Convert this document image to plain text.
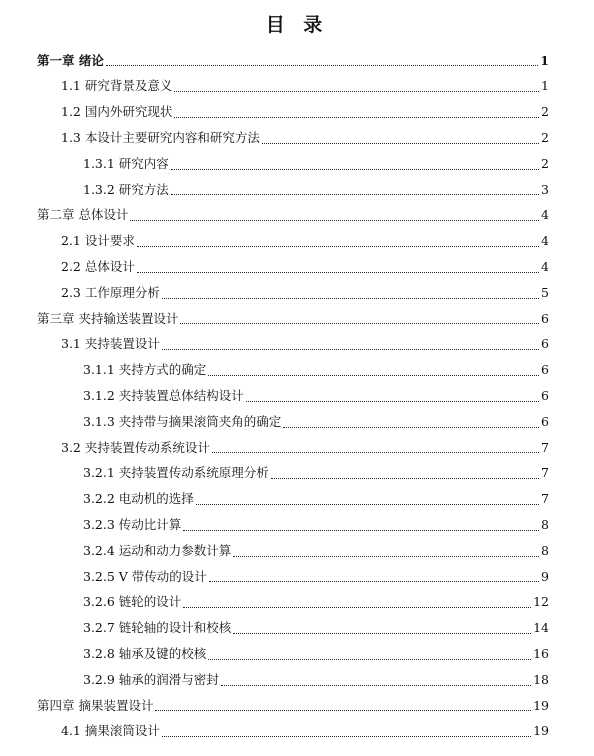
目 录
第一章 绪论	1
1.1 研究背景及意义	1
1.2 国内外研究现状	2
1.3 本设计主要研究内容和研究方法	2
1.3.1 研究内容	2
1.3.2 研究方法	3
第二章 总体设计	4
2.1 设计要求	4
2.2 总体设计	4
2.3 工作原理分析	5
第三章 夹持输送装置设计	6
3.1 夹持装置设计	6
3.1.1 夹持方式的确定	6
3.1.2 夹持装置总体结构设计	6
3.1.3 夹持带与摘果滚筒夹角的确定	6
3.2 夹持装置传动系统设计	7
3.2.1 夹持装置传动系统原理分析	7
3.2.2 电动机的选择	7
3.2.3 传动比计算	8
3.2.4 运动和动力参数计算	8
3.2.5 V 带传动的设计	9
3.2.6 链轮的设计	12
3.2.7 链轮轴的设计和校核	14
3.2.8 轴承及键的校核	16
3.2.9 轴承的润滑与密封	18
第四章 摘果装置设计	19
4.1 摘果滚筒设计	19
